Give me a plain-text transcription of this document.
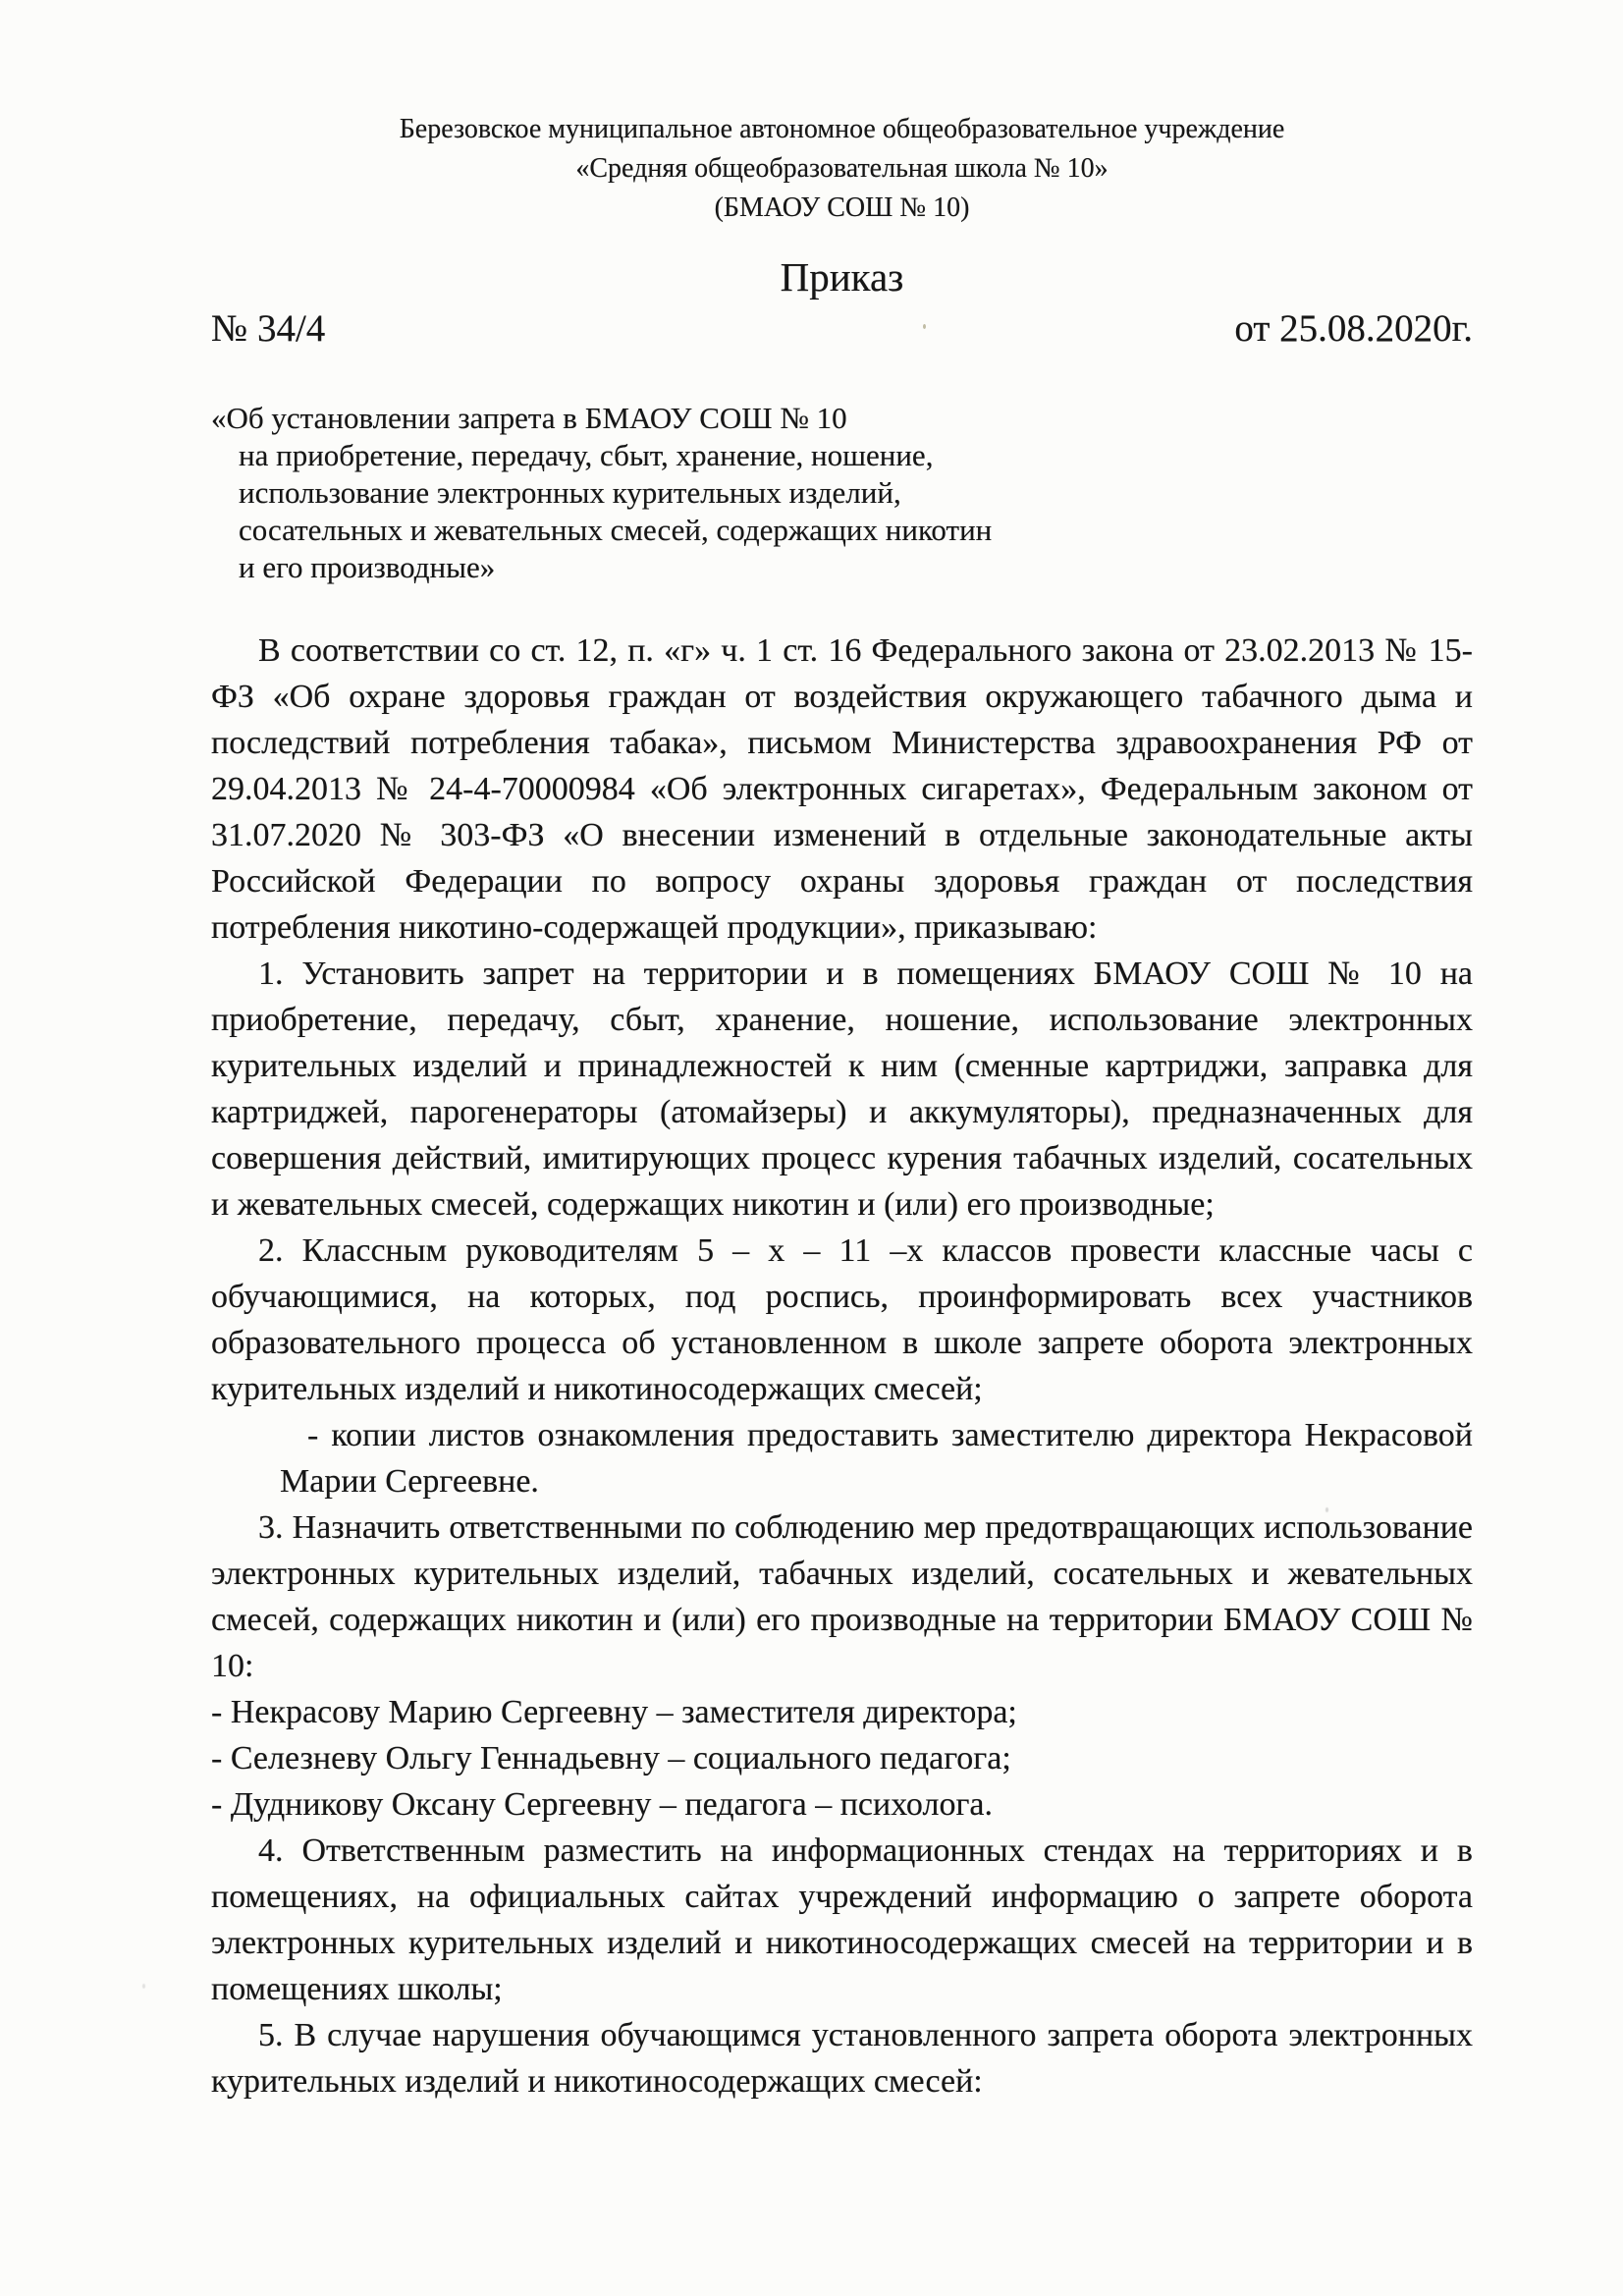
Березовское муниципальное автономное общеобразовательное учреждение
«Средняя общеобразовательная школа № 10»
(БМАОУ СОШ № 10)
Приказ
№ 34/4	от 25.08.2020г.
«Об установлении запрета в БМАОУ СОШ № 10
на приобретение, передачу, сбыт, хранение, ношение,
использование электронных курительных изделий,
сосательных и жевательных смесей, содержащих никотин
и его производные»

В соответствии со ст. 12, п. «г» ч. 1 ст. 16 Федерального закона от 23.02.2013 № 15-ФЗ «Об охране здоровья граждан от воздействия окружающего табачного дыма и последствий потребления табака», письмом Министерства здравоохранения РФ от 29.04.2013 № 24-4-70000984 «Об электронных сигаретах», Федеральным законом от 31.07.2020 № 303-ФЗ «О внесении изменений в отдельные законодательные акты Российской Федерации по вопросу охраны здоровья граждан от последствия потребления никотино-содержащей продукции», приказываю:

1. Установить запрет на территории и в помещениях БМАОУ СОШ № 10 на приобретение, передачу, сбыт, хранение, ношение, использование электронных курительных изделий и принадлежностей к ним (сменные картриджи, заправка для картриджей, парогенераторы (атомайзеры) и аккумуляторы), предназначенных для совершения действий, имитирующих процесс курения табачных изделий, сосательных и жевательных смесей, содержащих никотин и (или) его производные;

2. Классным руководителям 5 – х – 11 –х классов провести классные часы с обучающимися, на которых, под роспись, проинформировать всех участников образовательного процесса об установленном в школе запрете оборота электронных курительных изделий и никотиносодержащих смесей;

- копии листов ознакомления предоставить заместителю директора Некрасовой Марии Сергеевне.

3. Назначить ответственными по соблюдению мер предотвращающих использование электронных курительных изделий, табачных изделий, сосательных и жевательных смесей, содержащих никотин и (или) его производные на территории БМАОУ СОШ № 10:

- Некрасову Марию Сергеевну – заместителя директора;

- Селезневу Ольгу Геннадьевну – социального педагога;

- Дудникову Оксану Сергеевну – педагога – психолога.

4. Ответственным разместить на информационных стендах на территориях и в помещениях, на официальных сайтах учреждений информацию о запрете оборота электронных курительных изделий и никотиносодержащих смесей на территории и в помещениях школы;

5. В случае нарушения обучающимся установленного запрета оборота электронных курительных изделий и никотиносодержащих смесей:
